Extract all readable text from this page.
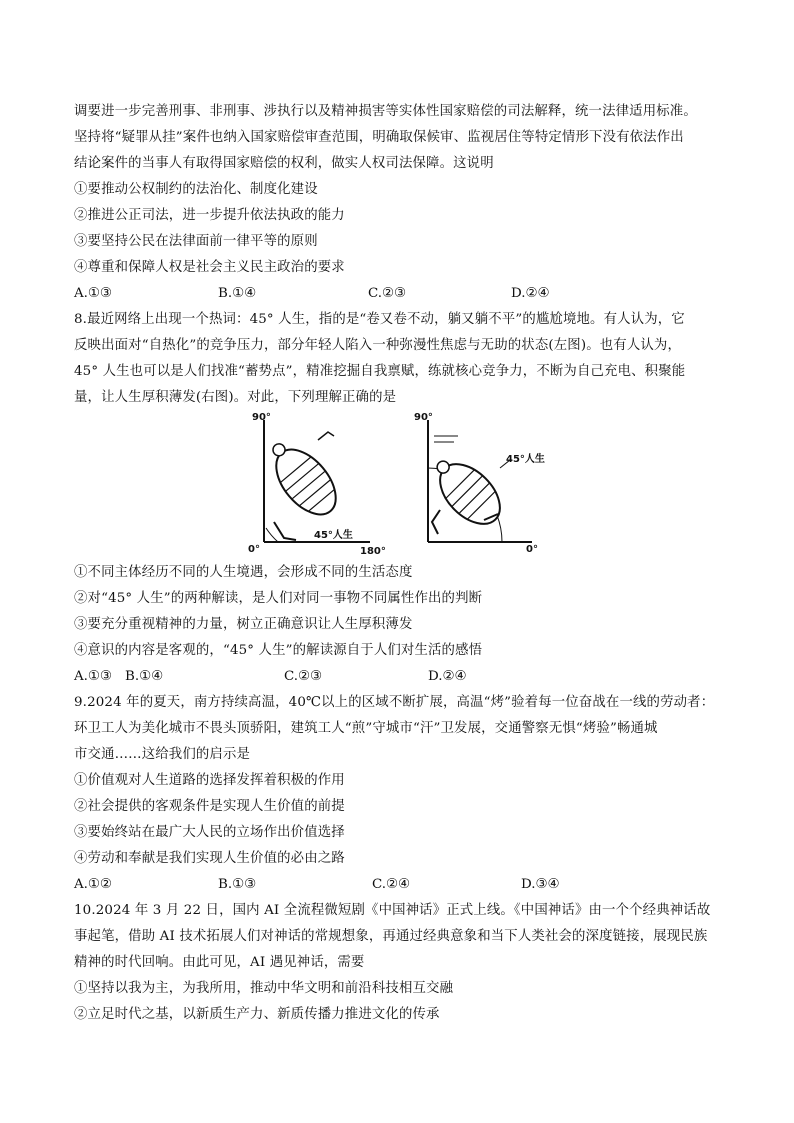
调要进一步完善刑事、非刑事、涉执行以及精神损害等实体性国家赔偿的司法解释，统一法律适用标准。
坚持将“疑罪从挂”案件也纳入国家赔偿审查范围，明确取保候审、监视居住等特定情形下没有依法作出
结论案件的当事人有取得国家赔偿的权利，做实人权司法保障。这说明
①要推动公权制约的法治化、制度化建设
②推进公正司法，进一步提升依法执政的能力
③要坚持公民在法律面前一律平等的原则
④尊重和保障人权是社会主义民主政治的要求
A.①③	B.①④	C.②③	D.②④
8.最近网络上出现一个热词：45° 人生，指的是“卷又卷不动，躺又躺不平”的尴尬境地。有人认为，它
反映出面对“自热化”的竞争压力，部分年轻人陷入一种弥漫性焦虑与无助的状态(左图)。也有人认为，
45° 人生也可以是人们找准“蓄势点”，精准挖掘自我禀赋，练就核心竞争力，不断为自己充电、积聚能
量，让人生厚积薄发(右图)。对此，下列理解正确的是
90°
0°	180°
45°人生
90°
0°
45°人生
①不同主体经历不同的人生境遇，会形成不同的生活态度
②对“45° 人生”的两种解读，是人们对同一事物不同属性作出的判断
③要充分重视精神的力量，树立正确意识让人生厚积薄发
④意识的内容是客观的，“45° 人生”的解读源自于人们对生活的感悟
A.①③ B.①④	C.②③	D.②④
9.2024 年的夏天，南方持续高温，40℃以上的区域不断扩展，高温“烤”验着每一位奋战在一线的劳动者：
环卫工人为美化城市不畏头顶骄阳，建筑工人“煎”守城市“汗”卫发展，交通警察无惧“烤验”畅通城
市交通……这给我们的启示是
①价值观对人生道路的选择发挥着积极的作用
②社会提供的客观条件是实现人生价值的前提
③要始终站在最广大人民的立场作出价值选择
④劳动和奉献是我们实现人生价值的必由之路
A.①②	B.①③	C.②④	D.③④
10.2024 年 3 月 22 日，国内 AI 全流程微短剧《中国神话》正式上线。《中国神话》由一个个经典神话故
事起笔，借助 AI 技术拓展人们对神话的常规想象，再通过经典意象和当下人类社会的深度链接，展现民族
精神的时代回响。由此可见，AI 遇见神话，需要
①坚持以我为主，为我所用，推动中华文明和前沿科技相互交融
②立足时代之基，以新质生产力、新质传播力推进文化的传承
